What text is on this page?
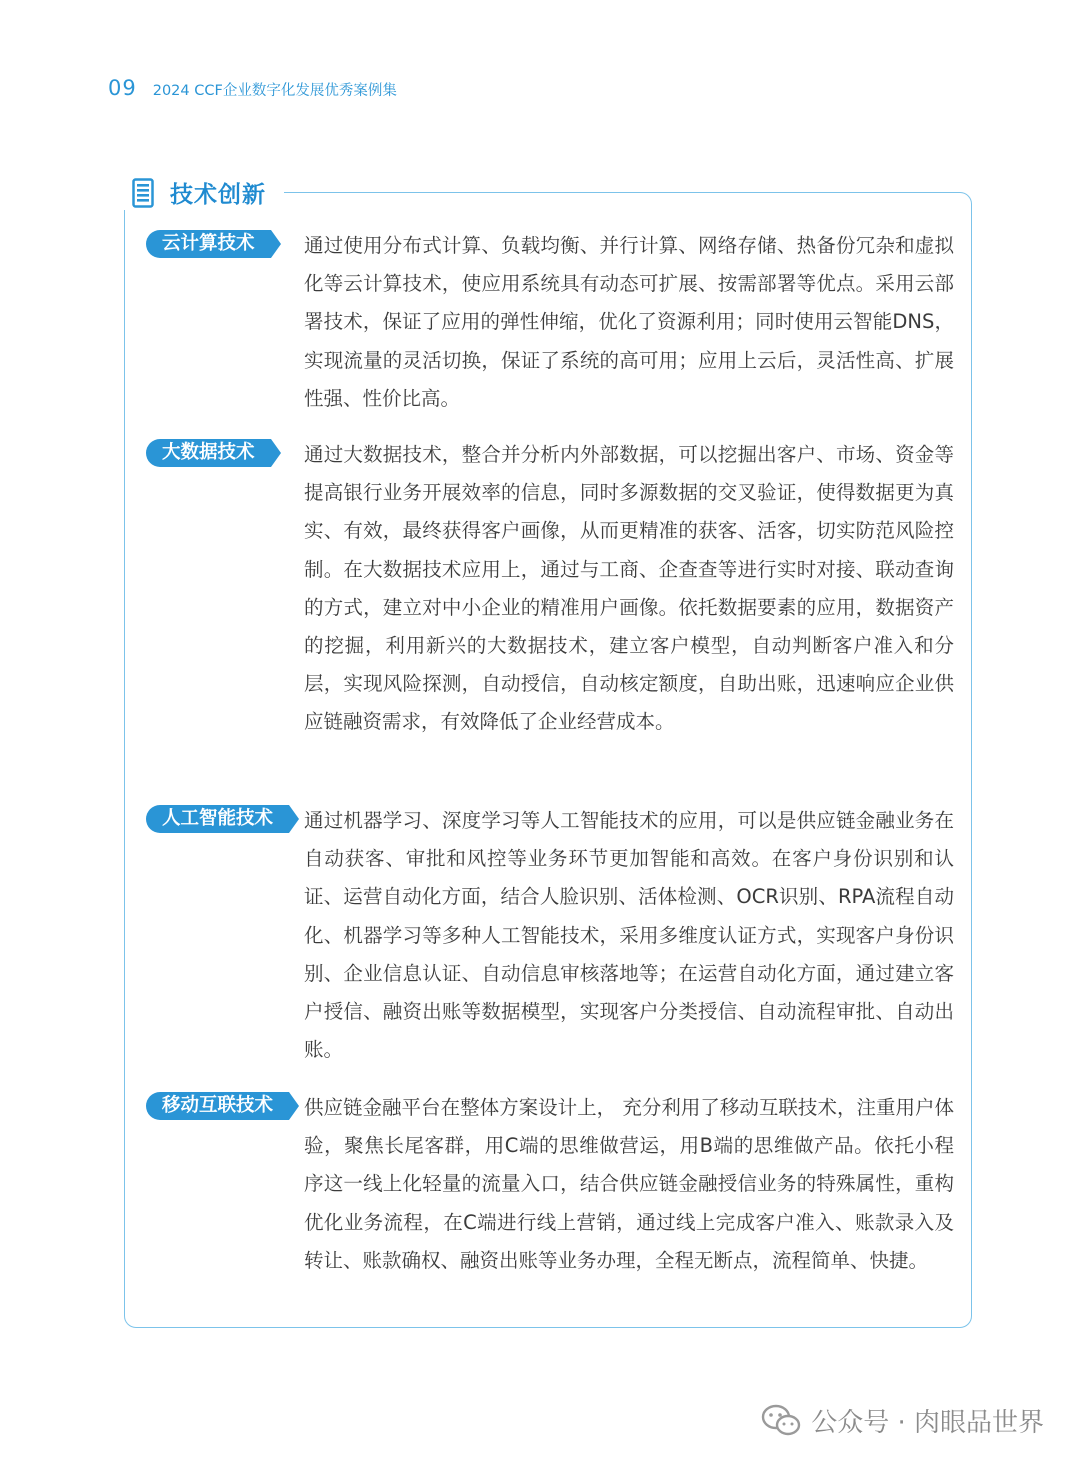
09 2024 CCF企业数字化发展优秀案例集
技术创新
云计算技术	通过使用分布式计算、负载均衡、并行计算、网络存储、热备份冗杂和虚拟化等云计算技术，使应用系统具有动态可扩展、按需部署等优点。采用云部署技术，保证了应用的弹性伸缩，优化了资源利用；同时使用云智能DNS，实现流量的灵活切换，保证了系统的高可用；应用上云后，灵活性高、扩展性强、性价比高。

大数据技术	通过大数据技术，整合并分析内外部数据，可以挖掘出客户、市场、资金等提高银行业务开展效率的信息，同时多源数据的交叉验证，使得数据更为真实、有效，最终获得客户画像，从而更精准的获客、活客，切实防范风险控制。在大数据技术应用上，通过与工商、企查查等进行实时对接、联动查询的方式，建立对中小企业的精准用户画像。依托数据要素的应用，数据资产的挖掘，利用新兴的大数据技术，建立客户模型，自动判断客户准入和分层，实现风险探测，自动授信，自动核定额度，自助出账，迅速响应企业供应链融资需求，有效降低了企业经营成本。

人工智能技术	通过机器学习、深度学习等人工智能技术的应用，可以是供应链金融业务在自动获客、审批和风控等业务环节更加智能和高效。在客户身份识别和认证、运营自动化方面，结合人脸识别、活体检测、OCR识别、RPA流程自动化、机器学习等多种人工智能技术，采用多维度认证方式，实现客户身份识别、企业信息认证、自动信息审核落地等；在运营自动化方面，通过建立客户授信、融资出账等数据模型，实现客户分类授信、自动流程审批、自动出账。

移动互联技术	供应链金融平台在整体方案设计上， 充分利用了移动互联技术，注重用户体验，聚焦长尾客群，用C端的思维做营运，用B端的思维做产品。依托小程序这一线上化轻量的流量入口，结合供应链金融授信业务的特殊属性，重构优化业务流程，在C端进行线上营销，通过线上完成客户准入、账款录入及转让、账款确权、融资出账等业务办理，全程无断点，流程简单、快捷。

公众号 · 肉眼品世界
